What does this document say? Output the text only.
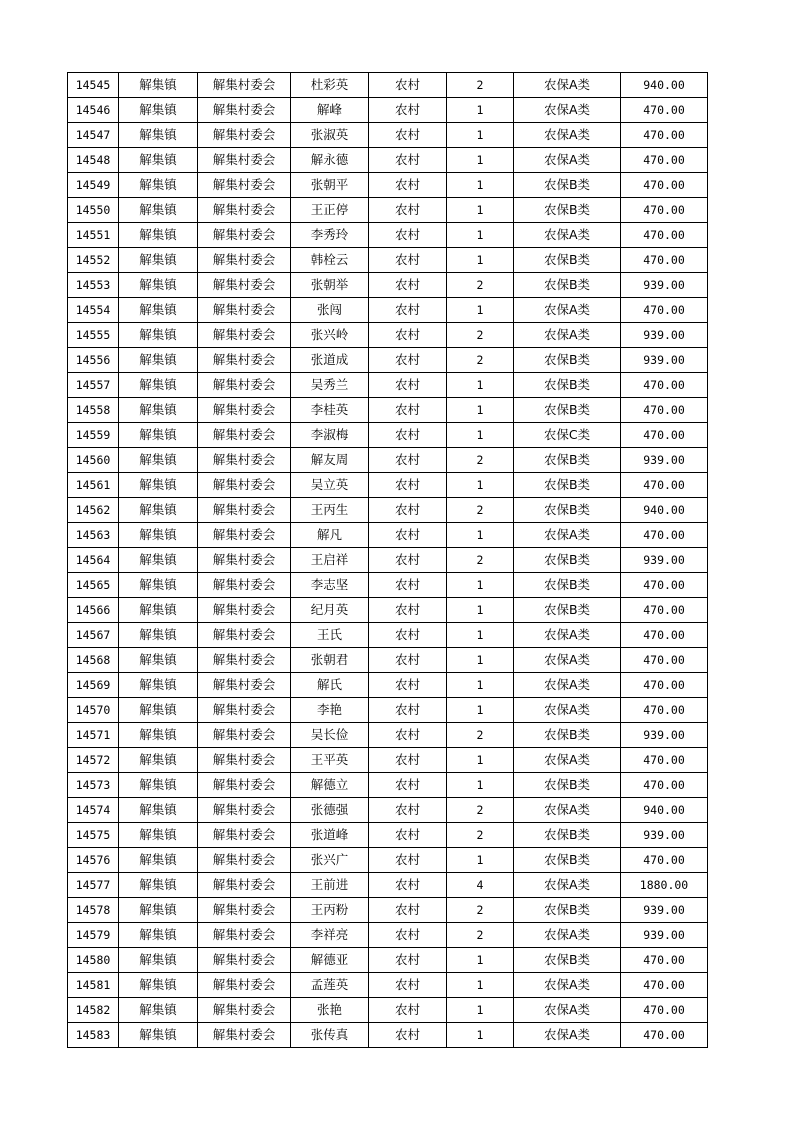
14545	解集镇	解集村委会	杜彩英	农村	2	农保A类	940.00
14546	解集镇	解集村委会	解峰	农村	1	农保A类	470.00
14547	解集镇	解集村委会	张淑英	农村	1	农保A类	470.00
14548	解集镇	解集村委会	解永德	农村	1	农保A类	470.00
14549	解集镇	解集村委会	张朝平	农村	1	农保B类	470.00
14550	解集镇	解集村委会	王正停	农村	1	农保B类	470.00
14551	解集镇	解集村委会	李秀玲	农村	1	农保A类	470.00
14552	解集镇	解集村委会	韩栓云	农村	1	农保B类	470.00
14553	解集镇	解集村委会	张朝举	农村	2	农保B类	939.00
14554	解集镇	解集村委会	张闯	农村	1	农保A类	470.00
14555	解集镇	解集村委会	张兴岭	农村	2	农保A类	939.00
14556	解集镇	解集村委会	张道成	农村	2	农保B类	939.00
14557	解集镇	解集村委会	吴秀兰	农村	1	农保B类	470.00
14558	解集镇	解集村委会	李桂英	农村	1	农保B类	470.00
14559	解集镇	解集村委会	李淑梅	农村	1	农保C类	470.00
14560	解集镇	解集村委会	解友周	农村	2	农保B类	939.00
14561	解集镇	解集村委会	吴立英	农村	1	农保B类	470.00
14562	解集镇	解集村委会	王丙生	农村	2	农保B类	940.00
14563	解集镇	解集村委会	解凡	农村	1	农保A类	470.00
14564	解集镇	解集村委会	王启祥	农村	2	农保B类	939.00
14565	解集镇	解集村委会	李志坚	农村	1	农保B类	470.00
14566	解集镇	解集村委会	纪月英	农村	1	农保B类	470.00
14567	解集镇	解集村委会	王氏	农村	1	农保A类	470.00
14568	解集镇	解集村委会	张朝君	农村	1	农保A类	470.00
14569	解集镇	解集村委会	解氏	农村	1	农保A类	470.00
14570	解集镇	解集村委会	李艳	农村	1	农保A类	470.00
14571	解集镇	解集村委会	吴长俭	农村	2	农保B类	939.00
14572	解集镇	解集村委会	王平英	农村	1	农保A类	470.00
14573	解集镇	解集村委会	解德立	农村	1	农保B类	470.00
14574	解集镇	解集村委会	张德强	农村	2	农保A类	940.00
14575	解集镇	解集村委会	张道峰	农村	2	农保B类	939.00
14576	解集镇	解集村委会	张兴广	农村	1	农保B类	470.00
14577	解集镇	解集村委会	王前进	农村	4	农保A类	1880.00
14578	解集镇	解集村委会	王丙粉	农村	2	农保B类	939.00
14579	解集镇	解集村委会	李祥亮	农村	2	农保A类	939.00
14580	解集镇	解集村委会	解德亚	农村	1	农保B类	470.00
14581	解集镇	解集村委会	孟莲英	农村	1	农保A类	470.00
14582	解集镇	解集村委会	张艳	农村	1	农保A类	470.00
14583	解集镇	解集村委会	张传真	农村	1	农保A类	470.00
